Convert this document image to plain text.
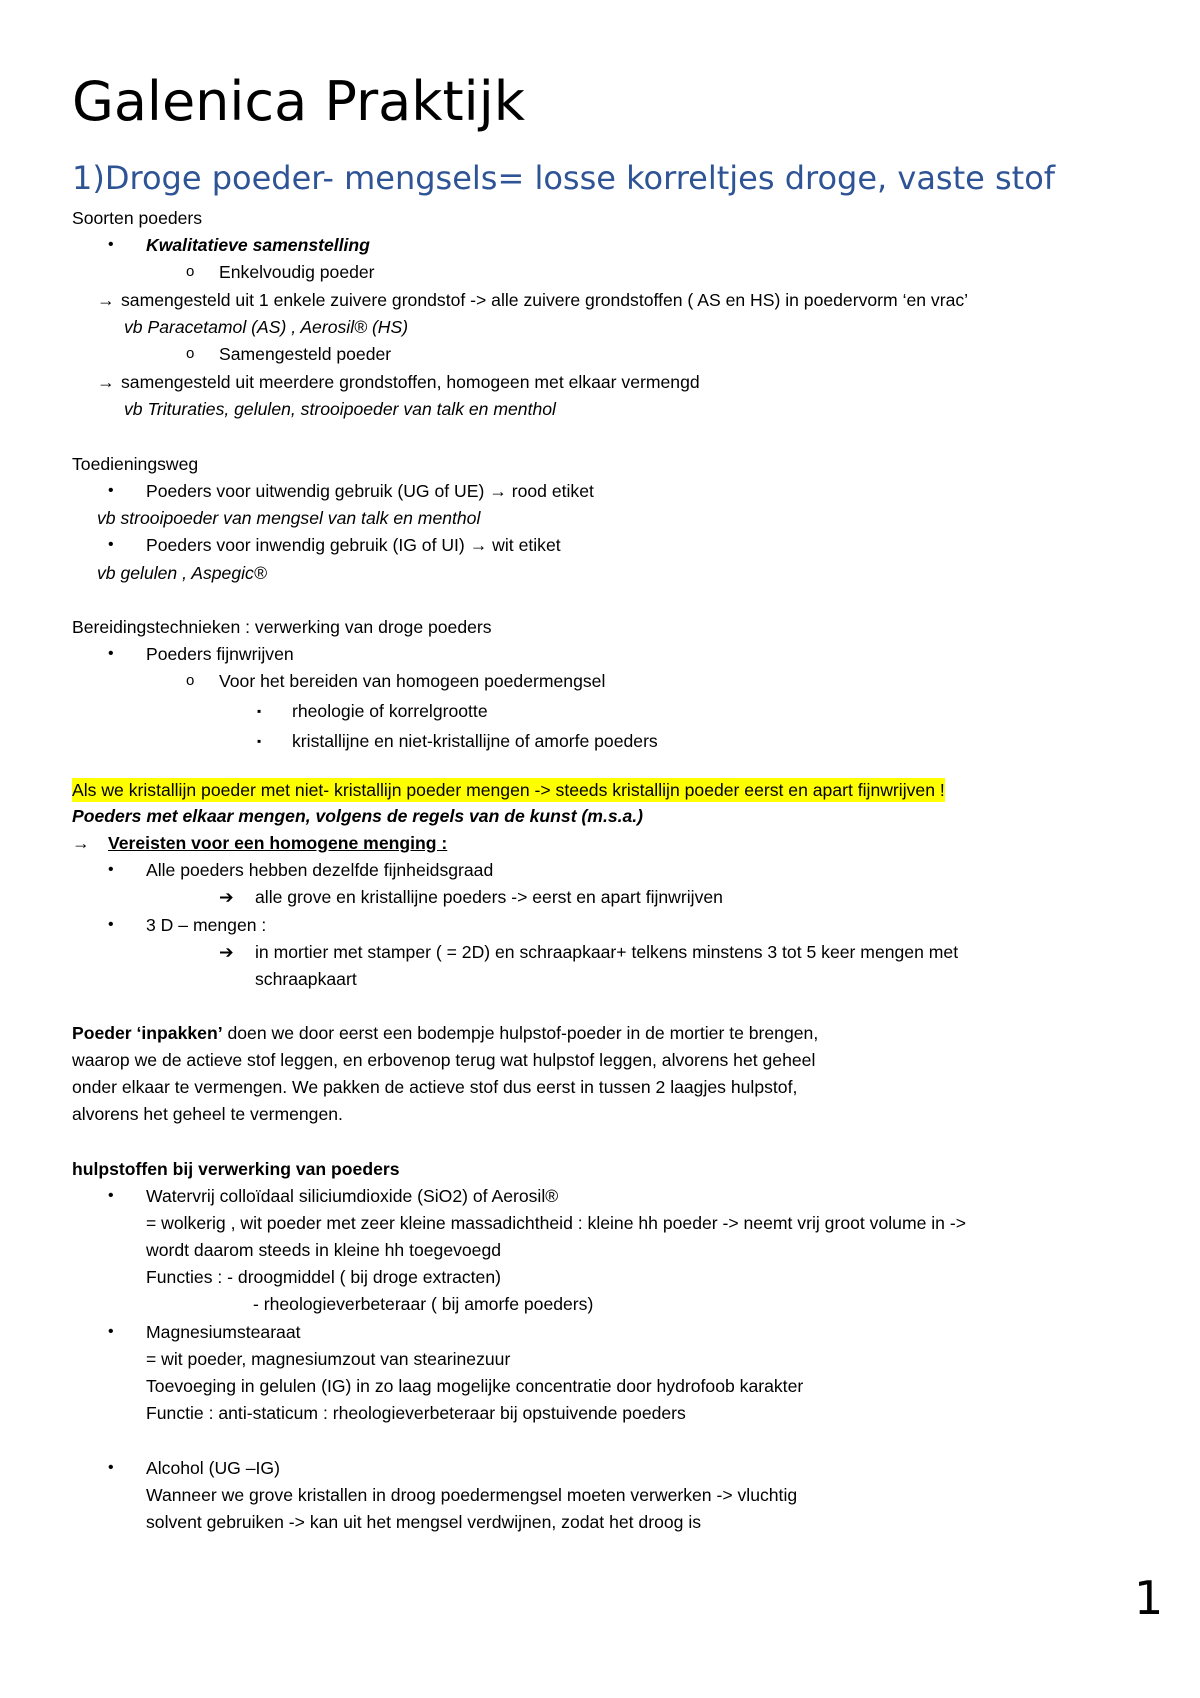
Galenica Praktijk
1)Droge poeder- mengsels= losse korreltjes droge, vaste stof
Soorten poeders
• Kwalitatieve samenstelling
o Enkelvoudig poeder
→ samengesteld uit 1 enkele zuivere grondstof -> alle zuivere grondstoffen ( AS en HS) in poedervorm ‘en vrac’
vb Paracetamol (AS) , Aerosil® (HS)
o Samengesteld poeder
→ samengesteld uit meerdere grondstoffen, homogeen met elkaar vermengd
vb Trituraties, gelulen, strooipoeder van talk en menthol
Toedieningsweg
• Poeders voor uitwendig gebruik (UG of UE) → rood etiket
vb strooipoeder van mengsel van talk en menthol
• Poeders voor inwendig gebruik (IG of UI) → wit etiket
vb gelulen , Aspegic®
Bereidingstechnieken : verwerking van droge poeders
• Poeders fijnwrijven
o Voor het bereiden van homogeen poedermengsel
▪ rheologie of korrelgrootte
▪ kristallijne en niet-kristallijne of amorfe poeders
Als we kristallijn poeder met niet- kristallijn poeder mengen -> steeds kristallijn poeder eerst en apart fijnwrijven !
Poeders met elkaar mengen, volgens de regels van de kunst (m.s.a.)
→ Vereisten voor een homogene menging :
• Alle poeders hebben dezelfde fijnheidsgraad
➔ alle grove en kristallijne poeders -> eerst en apart fijnwrijven
• 3 D – mengen :
➔ in mortier met stamper ( = 2D) en schraapkaar+ telkens minstens 3 tot 5 keer mengen met
schraapkaart
Poeder ‘inpakken’ doen we door eerst een bodempje hulpstof-poeder in de mortier te brengen,
waarop we de actieve stof leggen, en erbovenop terug wat hulpstof leggen, alvorens het geheel
onder elkaar te vermengen. We pakken de actieve stof dus eerst in tussen 2 laagjes hulpstof,
alvorens het geheel te vermengen.
hulpstoffen bij verwerking van poeders
• Watervrij colloïdaal siliciumdioxide (SiO2) of Aerosil®
= wolkerig , wit poeder met zeer kleine massadichtheid : kleine hh poeder -> neemt vrij groot volume in ->
wordt daarom steeds in kleine hh toegevoegd
Functies : - droogmiddel ( bij droge extracten)
- rheologieverbeteraar ( bij amorfe poeders)
• Magnesiumstearaat
= wit poeder, magnesiumzout van stearinezuur
Toevoeging in gelulen (IG) in zo laag mogelijke concentratie door hydrofoob karakter
Functie : anti-staticum : rheologieverbeteraar bij opstuivende poeders
• Alcohol (UG –IG)
Wanneer we grove kristallen in droog poedermengsel moeten verwerken -> vluchtig
solvent gebruiken -> kan uit het mengsel verdwijnen, zodat het droog is
1
